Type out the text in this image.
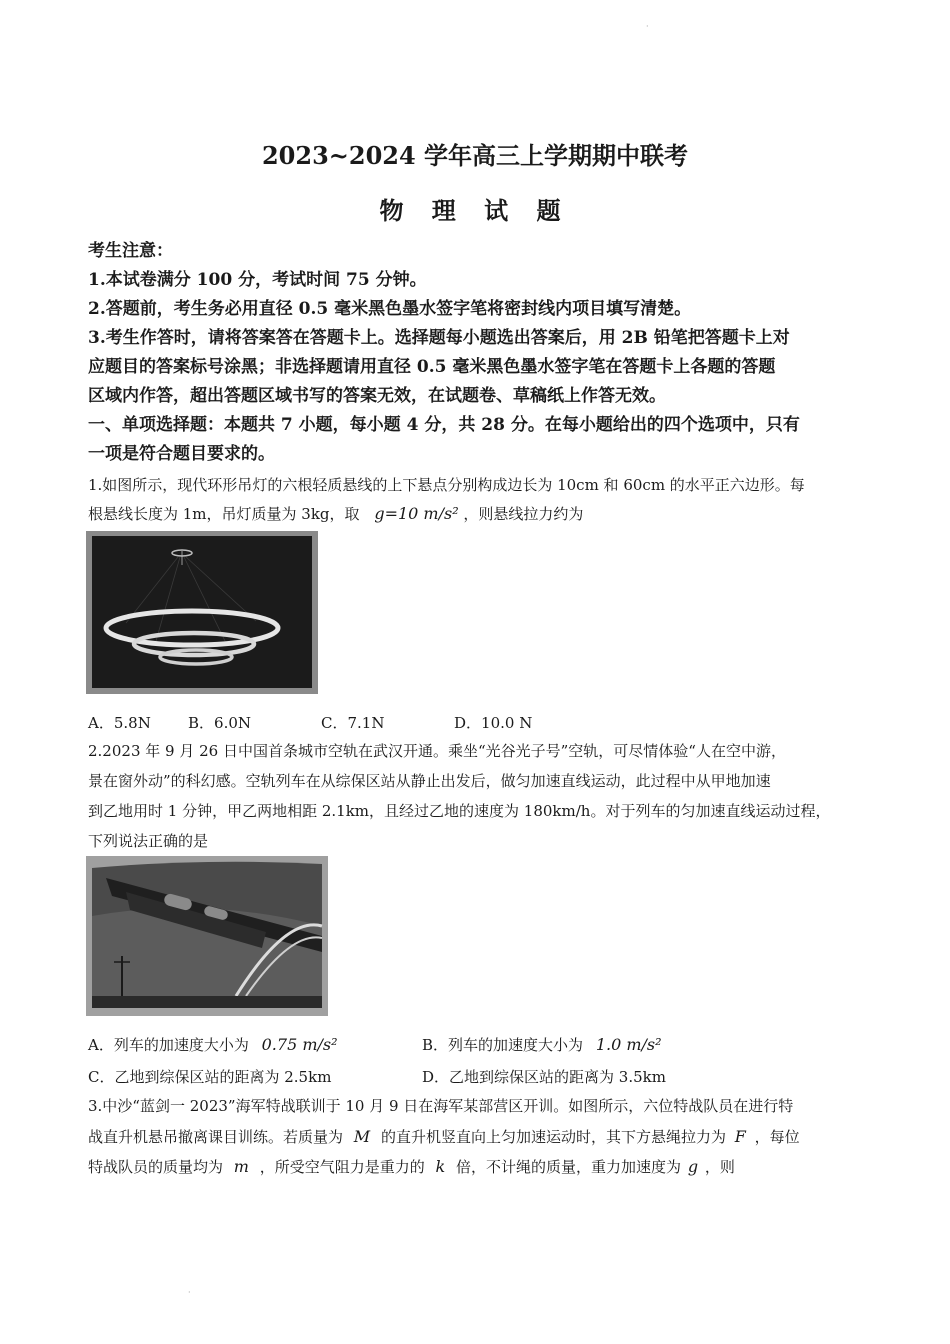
·
2023~2024 学年高三上学期期中联考
物 理 试 题
考生注意：
1.本试卷满分 100 分，考试时间 75 分钟。
2.答题前，考生务必用直径 0.5 毫米黑色墨水签字笔将密封线内项目填写清楚。
3.考生作答时，请将答案答在答题卡上。选择题每小题选出答案后，用 2B 铅笔把答题卡上对
应题目的答案标号涂黑；非选择题请用直径 0.5 毫米黑色墨水签字笔在答题卡上各题的答题
区域内作答，超出答题区域书写的答案无效，在试题卷、草稿纸上作答无效。
一、单项选择题：本题共 7 小题，每小题 4 分，共 28 分。在每小题给出的四个选项中，只有
一项是符合题目要求的。
1.如图所示，现代环形吊灯的六根轻质悬线的上下悬点分别构成边长为 10cm 和 60cm 的水平正六边形。每
根悬线长度为 1m，吊灯质量为 3kg，取 g=10 m/s² ，则悬线拉力约为
A．5.8N B．6.0N	C．7.1N	D．10.0 N
2.2023 年 9 月 26 日中国首条城市空轨在武汉开通。乘坐“光谷光子号”空轨，可尽情体验“人在空中游，
景在窗外动”的科幻感。空轨列车在从综保区站从静止出发后，做匀加速直线运动，此过程中从甲地加速
到乙地用时 1 分钟，甲乙两地相距 2.1km，且经过乙地的速度为 180km/h。对于列车的匀加速直线运动过程，
下列说法正确的是
A．列车的加速度大小为 0.75 m/s²	B．列车的加速度大小为 1.0 m/s²
C．乙地到综保区站的距离为 2.5km	D．乙地到综保区站的距离为 3.5km
3.中沙“蓝剑一 2023”海军特战联训于 10 月 9 日在海军某部营区开训。如图所示，六位特战队员在进行特
战直升机悬吊撤离课目训练。若质量为 M 的直升机竖直向上匀加速运动时，其下方悬绳拉力为 F ，每位
特战队员的质量均为 m ，所受空气阻力是重力的 k 倍，不计绳的质量，重力加速度为 g ，则
·
